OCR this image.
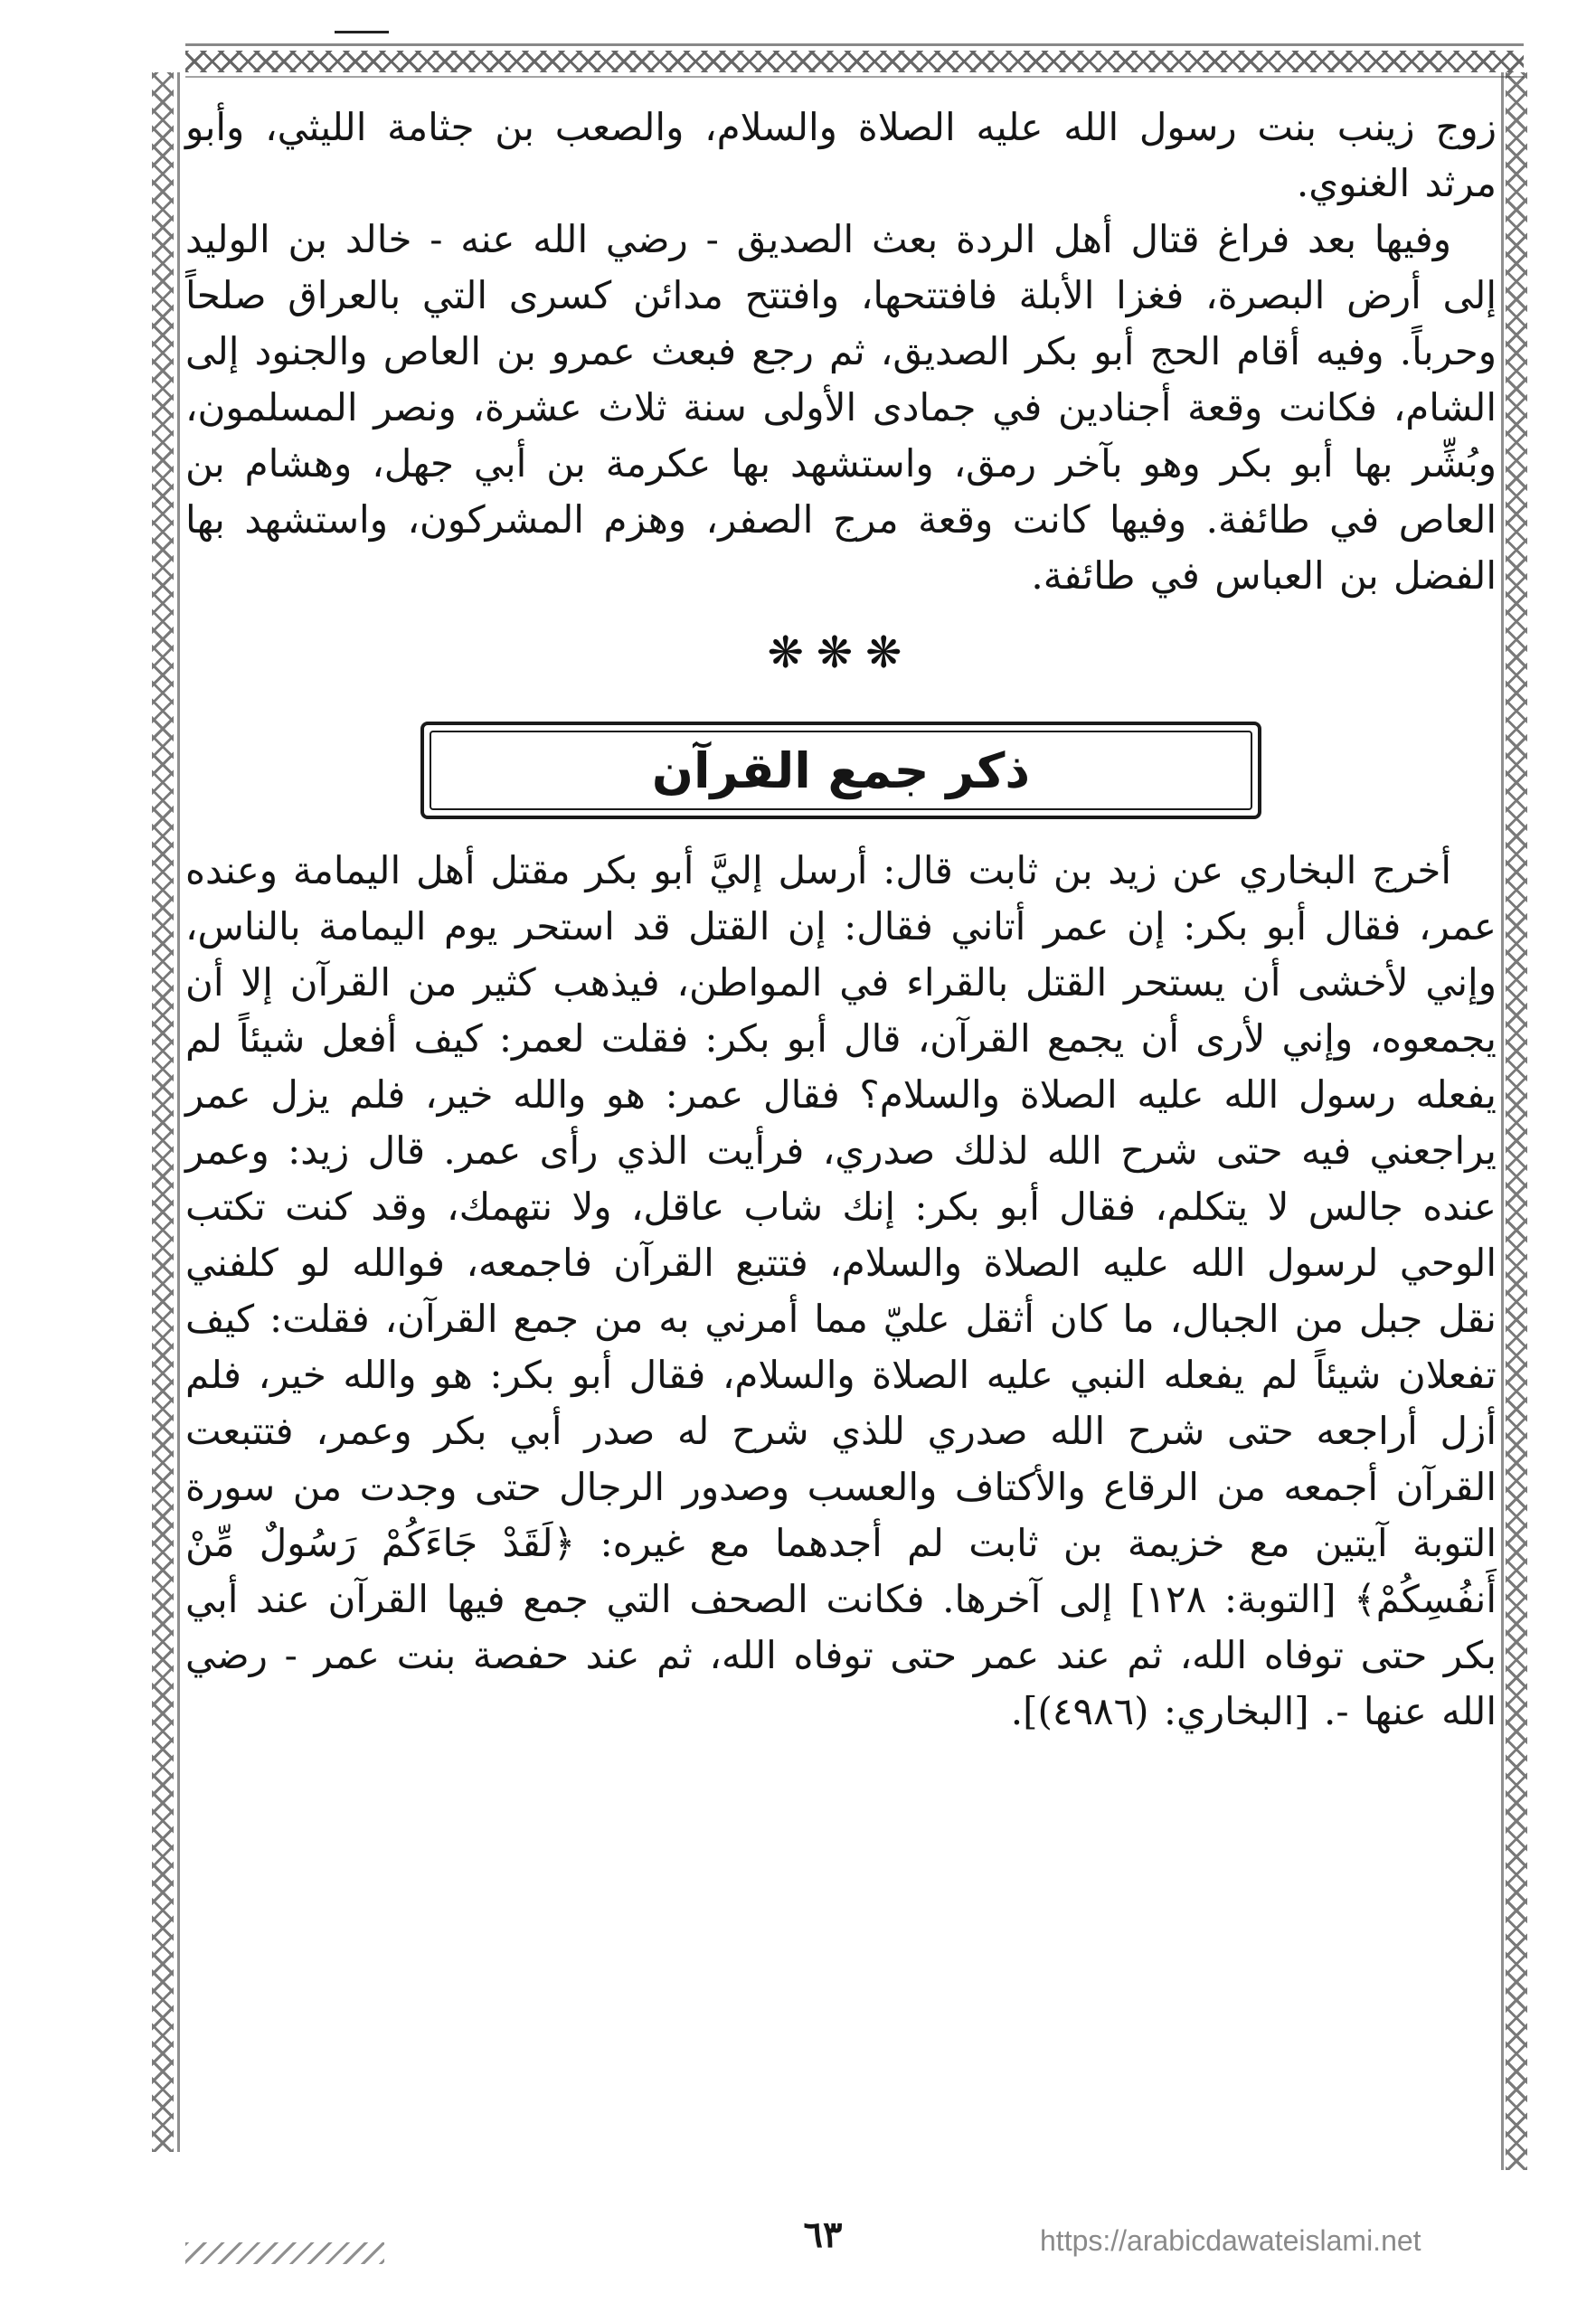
زوج زينب بنت رسول الله عليه الصلاة والسلام، والصعب بن جثامة الليثي، وأبو مرثد الغنوي.

وفيها بعد فراغ قتال أهل الردة بعث الصديق - رضي الله عنه - خالد بن الوليد إلى أرض البصرة، فغزا الأبلة فافتتحها، وافتتح مدائن كسرى التي بالعراق صلحاً وحرباً. وفيه أقام الحج أبو بكر الصديق، ثم رجع فبعث عمرو بن العاص والجنود إلى الشام، فكانت وقعة أجنادين في جمادى الأولى سنة ثلاث عشرة، ونصر المسلمون، وبُشِّر بها أبو بكر وهو بآخر رمق، واستشهد بها عكرمة بن أبي جهل، وهشام بن العاص في طائفة. وفيها كانت وقعة مرج الصفر، وهزم المشركون، واستشهد بها الفضل بن العباس في طائفة.

❋❋❋
ذكر جمع القرآن

أخرج البخاري عن زيد بن ثابت قال: أرسل إليَّ أبو بكر مقتل أهل اليمامة وعنده عمر، فقال أبو بكر: إن عمر أتاني فقال: إن القتل قد استحر يوم اليمامة بالناس، وإني لأخشى أن يستحر القتل بالقراء في المواطن، فيذهب كثير من القرآن إلا أن يجمعوه، وإني لأرى أن يجمع القرآن، قال أبو بكر: فقلت لعمر: كيف أفعل شيئاً لم يفعله رسول الله عليه الصلاة والسلام؟ فقال عمر: هو والله خير، فلم يزل عمر يراجعني فيه حتى شرح الله لذلك صدري، فرأيت الذي رأى عمر. قال زيد: وعمر عنده جالس لا يتكلم، فقال أبو بكر: إنك شاب عاقل، ولا نتهمك، وقد كنت تكتب الوحي لرسول الله عليه الصلاة والسلام، فتتبع القرآن فاجمعه، فوالله لو كلفني نقل جبل من الجبال، ما كان أثقل عليّ مما أمرني به من جمع القرآن، فقلت: كيف تفعلان شيئاً لم يفعله النبي عليه الصلاة والسلام، فقال أبو بكر: هو والله خير، فلم أزل أراجعه حتى شرح الله صدري للذي شرح له صدر أبي بكر وعمر، فتتبعت القرآن أجمعه من الرقاع والأكتاف والعسب وصدور الرجال حتى وجدت من سورة التوبة آيتين مع خزيمة بن ثابت لم أجدهما مع غيره: ﴿لَقَدْ جَاءَكُمْ رَسُولٌ مِّنْ أَنفُسِكُمْ﴾ [التوبة: ١٢٨] إلى آخرها. فكانت الصحف التي جمع فيها القرآن عند أبي بكر حتى توفاه الله، ثم عند عمر حتى توفاه الله، ثم عند حفصة بنت عمر - رضي الله عنها -. [البخاري: (٤٩٨٦)].

٦٣	https://arabicdawateislami.net
